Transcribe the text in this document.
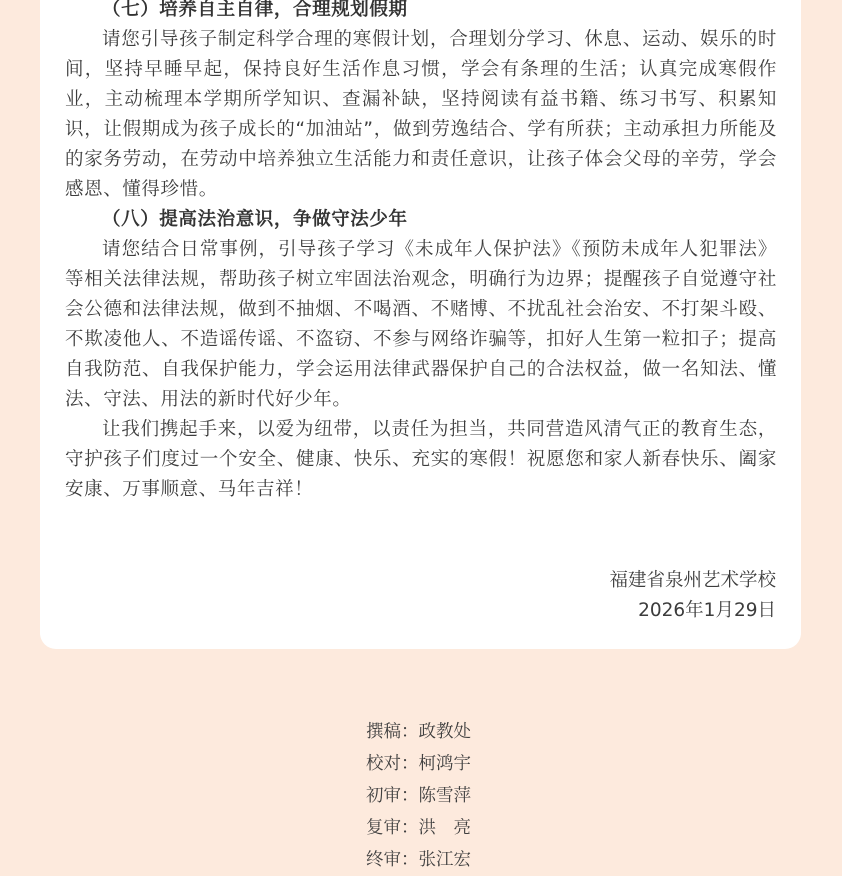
（七）培养自主自律，合理规划假期

请您引导孩子制定科学合理的寒假计划，合理划分学习、休息、运动、娱乐的时间，坚持早睡早起，保持良好生活作息习惯，学会有条理的生活；认真完成寒假作业，主动梳理本学期所学知识、查漏补缺，坚持阅读有益书籍、练习书写、积累知识，让假期成为孩子成长的“加油站”，做到劳逸结合、学有所获；主动承担力所能及的家务劳动，在劳动中培养独立生活能力和责任意识，让孩子体会父母的辛劳，学会感恩、懂得珍惜。

（八）提高法治意识，争做守法少年

请您结合日常事例，引导孩子学习《未成年人保护法》《预防未成年人犯罪法》等相关法律法规，帮助孩子树立牢固法治观念，明确行为边界；提醒孩子自觉遵守社会公德和法律法规，做到不抽烟、不喝酒、不赌博、不扰乱社会治安、不打架斗殴、不欺凌他人、不造谣传谣、不盗窃、不参与网络诈骗等，扣好人生第一粒扣子；提高自我防范、自我保护能力，学会运用法律武器保护自己的合法权益，做一名知法、懂法、守法、用法的新时代好少年。

让我们携起手来，以爱为纽带，以责任为担当，共同营造风清气正的教育生态，守护孩子们度过一个安全、健康、快乐、充实的寒假！祝愿您和家人新春快乐、阖家安康、万事顺意、马年吉祥！

福建省泉州艺术学校
2026年1月29日
撰稿：政教处
校对：柯鸿宇
初审：陈雪萍
复审：洪　亮
终审：张江宏
